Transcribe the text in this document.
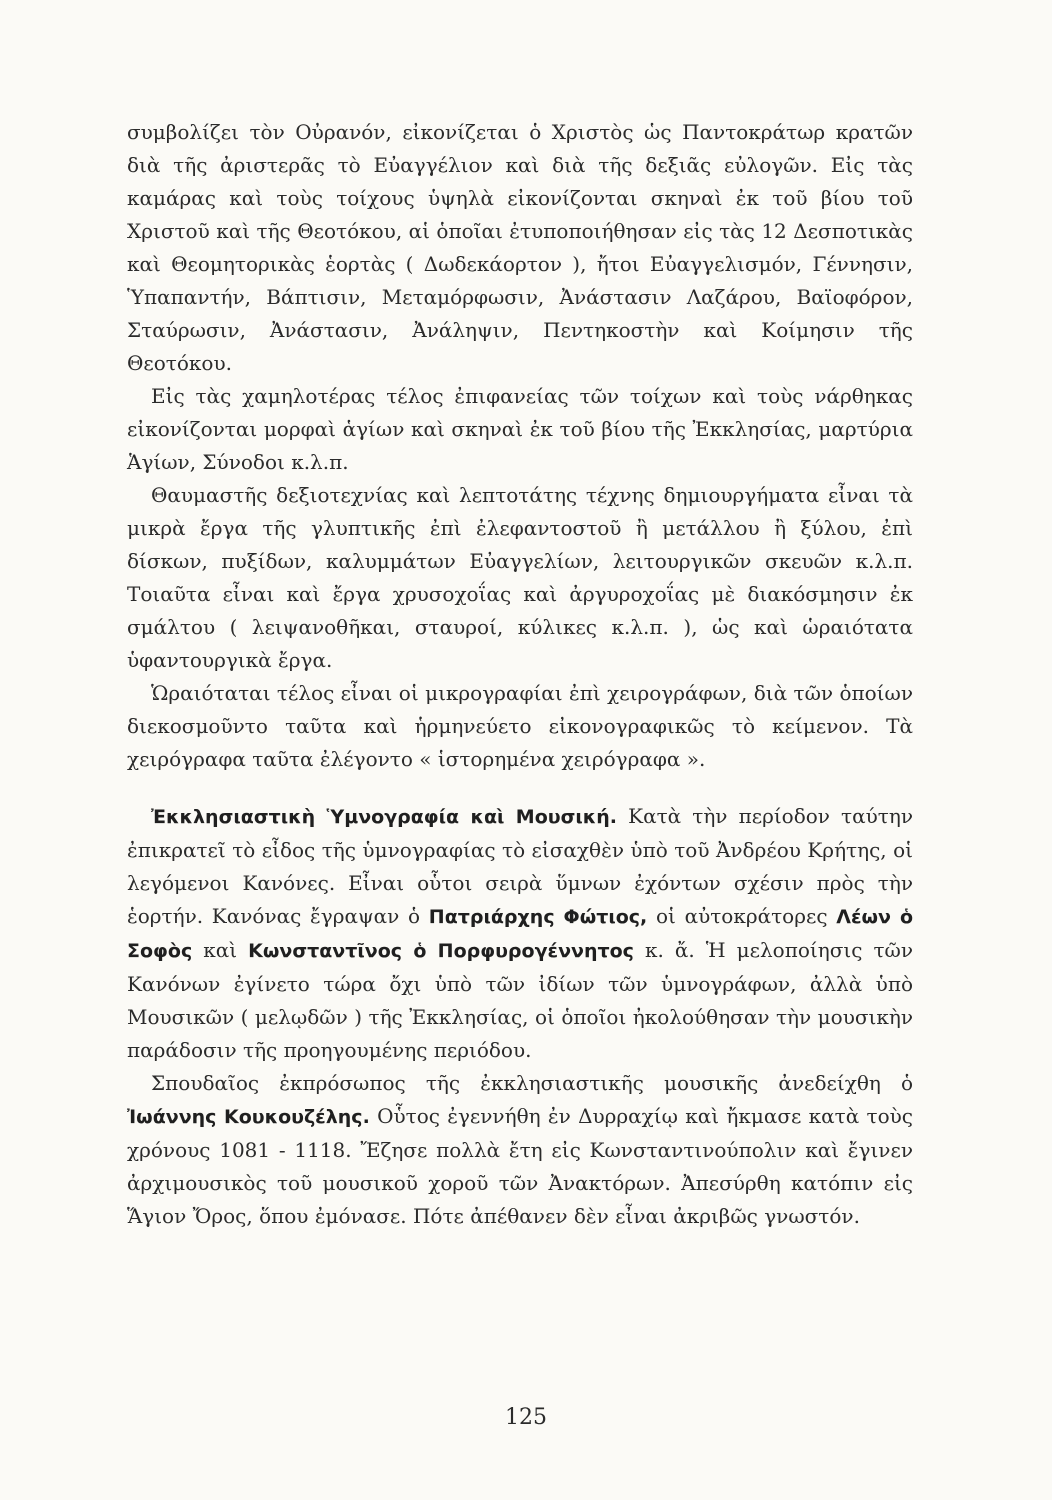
συμβολίζει τὸν Οὐρανόν, εἰκονίζεται ὁ Χριστὸς ὡς Παντοκράτωρ κρατῶν διὰ τῆς ἀριστερᾶς τὸ Εὐαγγέλιον καὶ διὰ τῆς δεξιᾶς εὐλογῶν. Εἰς τὰς καμάρας καὶ τοὺς τοίχους ὑψηλὰ εἰκονίζονται σκηναὶ ἐκ τοῦ βίου τοῦ Χριστοῦ καὶ τῆς Θεοτόκου, αἱ ὁποῖαι ἐτυποποιήθησαν εἰς τὰς 12 Δεσποτικὰς καὶ Θεομητορικὰς ἑορτὰς ( Δωδεκάορτον ), ἤτοι Εὐαγγελισμόν, Γέννησιν, Ὑπαπαντήν, Βάπτισιν, Μεταμόρφωσιν, Ἀνάστασιν Λαζάρου, Βαϊοφόρον, Σταύρωσιν, Ἀνάστασιν, Ἀνάληψιν, Πεντηκοστὴν καὶ Κοίμησιν τῆς Θεοτόκου.

Εἰς τὰς χαμηλοτέρας τέλος ἐπιφανείας τῶν τοίχων καὶ τοὺς νάρθηκας εἰκονίζονται μορφαὶ ἁγίων καὶ σκηναὶ ἐκ τοῦ βίου τῆς Ἐκκλησίας, μαρτύρια Ἁγίων, Σύνοδοι κ.λ.π.

Θαυμαστῆς δεξιοτεχνίας καὶ λεπτοτάτης τέχνης δημιουργήματα εἶναι τὰ μικρὰ ἔργα τῆς γλυπτικῆς ἐπὶ ἐλεφαντοστοῦ ἢ μετάλλου ἢ ξύλου, ἐπὶ δίσκων, πυξίδων, καλυμμάτων Εὐαγγελίων, λειτουργικῶν σκευῶν κ.λ.π. Τοιαῦτα εἶναι καὶ ἔργα χρυσοχοΐας καὶ ἀργυροχοΐας μὲ διακόσμησιν ἐκ σμάλτου ( λειψανοθῆκαι, σταυροί, κύλικες κ.λ.π. ), ὡς καὶ ὡραιότατα ὑφαντουργικὰ ἔργα.

Ὡραιόταται τέλος εἶναι οἱ μικρογραφίαι ἐπὶ χειρογράφων, διὰ τῶν ὁποίων διεκοσμοῦντο ταῦτα καὶ ἡρμηνεύετο εἰκονογραφικῶς τὸ κείμενον. Τὰ χειρόγραφα ταῦτα ἐλέγοντο « ἱστορημένα χειρόγραφα ».

Ἐκκλησιαστικὴ Ὑμνογραφία καὶ Μουσική. Κατὰ τὴν περίοδον ταύτην ἐπικρατεῖ τὸ εἶδος τῆς ὑμνογραφίας τὸ εἰσαχθὲν ὑπὸ τοῦ Ἀνδρέου Κρήτης, οἱ λεγόμενοι Κανόνες. Εἶναι οὗτοι σειρὰ ὕμνων ἐχόντων σχέσιν πρὸς τὴν ἑορτήν. Κανόνας ἔγραψαν ὁ Πατριάρχης Φώτιος, οἱ αὐτοκράτορες Λέων ὁ Σοφὸς καὶ Κωνσταντῖνος ὁ Πορφυρογέννητος κ. ἄ. Ἡ μελοποίησις τῶν Κανόνων ἐγίνετο τώρα ὄχι ὑπὸ τῶν ἰδίων τῶν ὑμνογράφων, ἀλλὰ ὑπὸ Μουσικῶν ( μελῳδῶν ) τῆς Ἐκκλησίας, οἱ ὁποῖοι ἠκολούθησαν τὴν μουσικὴν παράδοσιν τῆς προηγουμένης περιόδου.

Σπουδαῖος ἐκπρόσωπος τῆς ἐκκλησιαστικῆς μουσικῆς ἀνεδείχθη ὁ Ἰωάννης Κουκουζέλης. Οὗτος ἐγεννήθη ἐν Δυρραχίῳ καὶ ἤκμασε κατὰ τοὺς χρόνους 1081 - 1118. Ἔζησε πολλὰ ἔτη εἰς Κωνσταντινούπολιν καὶ ἔγινεν ἀρχιμουσικὸς τοῦ μουσικοῦ χοροῦ τῶν Ἀνακτόρων. Ἀπεσύρθη κατόπιν εἰς Ἅγιον Ὄρος, ὅπου ἐμόνασε. Πότε ἀπέθανεν δὲν εἶναι ἀκριβῶς γνωστόν.

125
